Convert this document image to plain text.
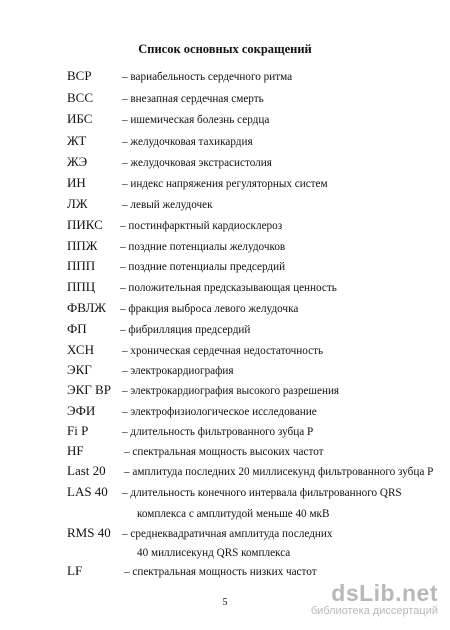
Список основных сокращений
ВСР	– вариабельность сердечного ритма
ВСС	– внезапная сердечная смерть
ИБС	– ишемическая болезнь сердца
ЖТ	– желудочковая тахикардия
ЖЭ	– желудочковая экстрасистолия
ИН	– индекс напряжения регуляторных систем
ЛЖ	– левый желудочек
ПИКС – постинфарктный кардиосклероз
ППЖ – поздние потенциалы желудочков
ППП – поздние потенциалы предсердий
ППЦ – положительная предсказывающая ценность
ФВЛЖ – фракция выброса левого желудочка
ФП	– фибрилляция предсердий
ХСН	– хроническая сердечная недостаточность
ЭКГ	– электрокардиография
ЭКГ ВР – электрокардиография высокого разрешения
ЭФИ – электрофизиологическое исследование
Fi P	– длительность фильтрованного зубца Р
HF	– спектральная мощность высоких частот
Last 20 – амплитуда последних 20 миллисекунд фильтрованного зубца Р
LAS 40 – длительность конечного интервала фильтрованного QRS
комплекса с амплитудой меньше 40 мкВ
RMS 40 – среднеквадратичная амплитуда последних
40 миллисекунд QRS комплекса
LF	– спектральная мощность низких частот
5	dsLib.net
библиотека диссертаций
